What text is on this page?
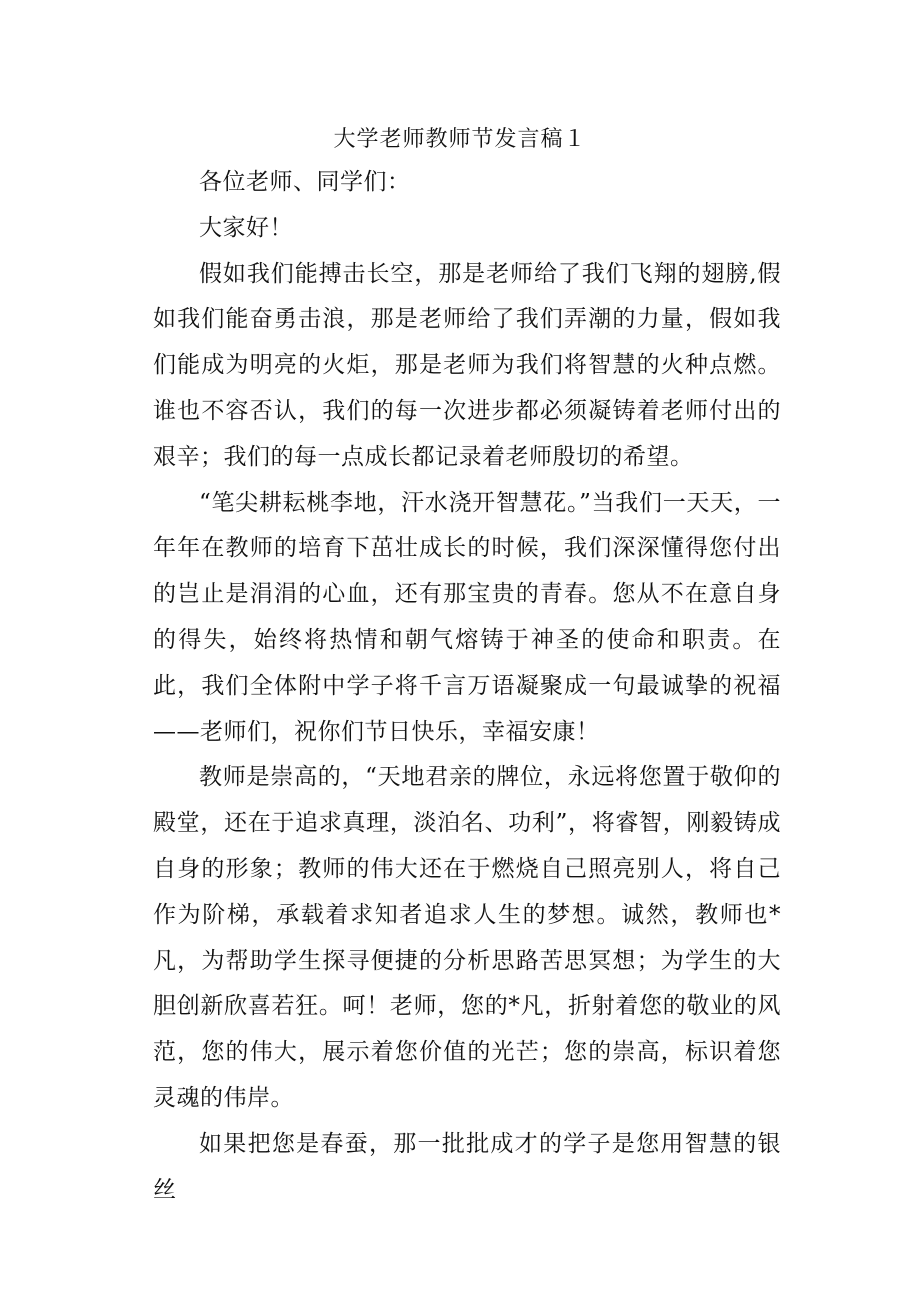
大学老师教师节发言稿１

各位老师、同学们：

大家好！

假如我们能搏击长空，那是老师给了我们飞翔的翅膀,假如我们能奋勇击浪，那是老师给了我们弄潮的力量，假如我们能成为明亮的火炬，那是老师为我们将智慧的火种点燃。谁也不容否认，我们的每一次进步都必须凝铸着老师付出的艰辛；我们的每一点成长都记录着老师殷切的希望。

“笔尖耕耘桃李地，汗水浇开智慧花。”当我们一天天，一年年在教师的培育下茁壮成长的时候，我们深深懂得您付出的岂止是涓涓的心血，还有那宝贵的青春。您从不在意自身的得失，始终将热情和朝气熔铸于神圣的使命和职责。在此，我们全体附中学子将千言万语凝聚成一句最诚挚的祝福——老师们，祝你们节日快乐，幸福安康！

教师是崇高的，“天地君亲的牌位，永远将您置于敬仰的殿堂，还在于追求真理，淡泊名、功利”，将睿智，刚毅铸成自身的形象；教师的伟大还在于燃烧自己照亮别人，将自己作为阶梯，承载着求知者追求人生的梦想。诚然，教师也*凡，为帮助学生探寻便捷的分析思路苦思冥想；为学生的大胆创新欣喜若狂。呵！老师，您的*凡，折射着您的敬业的风范，您的伟大，展示着您价值的光芒；您的崇高，标识着您灵魂的伟岸。

如果把您是春蚕，那一批批成才的学子是您用智慧的银丝
